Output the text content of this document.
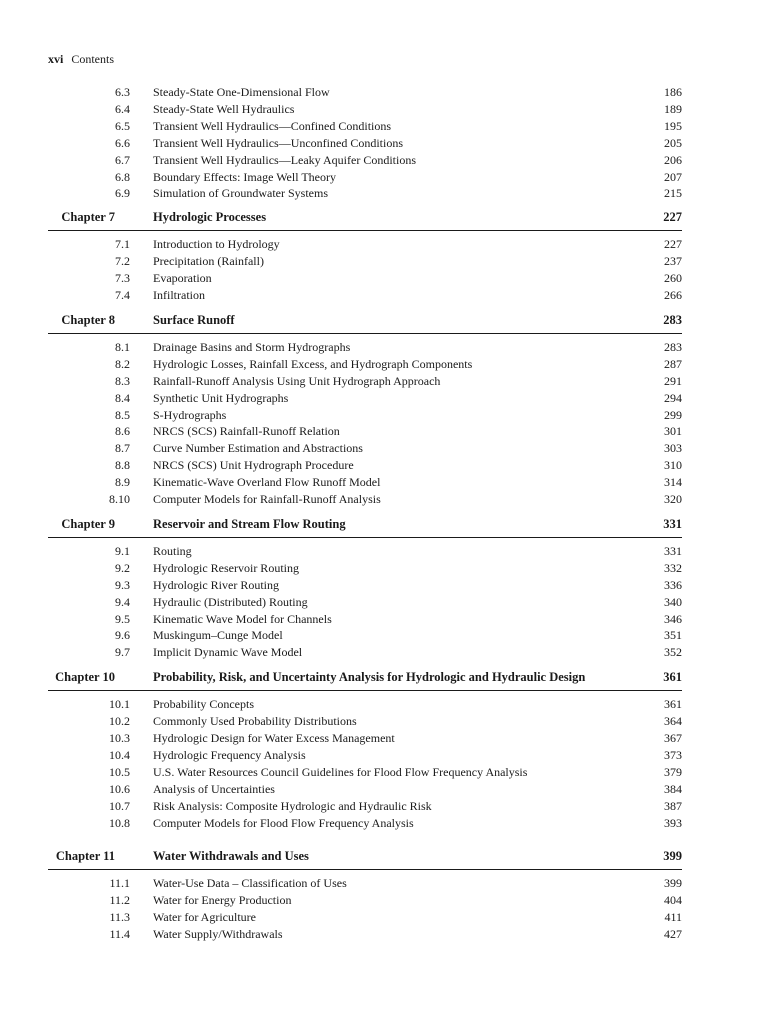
xvi Contents
6.3 Steady-State One-Dimensional Flow	186
6.4 Steady-State Well Hydraulics	189
6.5 Transient Well Hydraulics—Confined Conditions	195
6.6 Transient Well Hydraulics—Unconfined Conditions	205
6.7 Transient Well Hydraulics—Leaky Aquifer Conditions	206
6.8 Boundary Effects: Image Well Theory	207
6.9 Simulation of Groundwater Systems	215
Chapter 7	Hydrologic Processes	227
7.1 Introduction to Hydrology	227
7.2 Precipitation (Rainfall)	237
7.3 Evaporation	260
7.4 Infiltration	266
Chapter 8	Surface Runoff	283
8.1 Drainage Basins and Storm Hydrographs	283
8.2 Hydrologic Losses, Rainfall Excess, and Hydrograph Components	287
8.3 Rainfall-Runoff Analysis Using Unit Hydrograph Approach	291
8.4 Synthetic Unit Hydrographs	294
8.5 S-Hydrographs	299
8.6 NRCS (SCS) Rainfall-Runoff Relation	301
8.7 Curve Number Estimation and Abstractions	303
8.8 NRCS (SCS) Unit Hydrograph Procedure	310
8.9 Kinematic-Wave Overland Flow Runoff Model	314
8.10 Computer Models for Rainfall-Runoff Analysis	320
Chapter 9	Reservoir and Stream Flow Routing	331
9.1 Routing	331
9.2 Hydrologic Reservoir Routing	332
9.3 Hydrologic River Routing	336
9.4 Hydraulic (Distributed) Routing	340
9.5 Kinematic Wave Model for Channels	346
9.6 Muskingum–Cunge Model	351
9.7 Implicit Dynamic Wave Model	352
Chapter 10	Probability, Risk, and Uncertainty Analysis for Hydrologic and Hydraulic Design	361
10.1 Probability Concepts	361
10.2 Commonly Used Probability Distributions	364
10.3 Hydrologic Design for Water Excess Management	367
10.4 Hydrologic Frequency Analysis	373
10.5 U.S. Water Resources Council Guidelines for Flood Flow Frequency Analysis	379
10.6 Analysis of Uncertainties	384
10.7 Risk Analysis: Composite Hydrologic and Hydraulic Risk	387
10.8 Computer Models for Flood Flow Frequency Analysis	393
Chapter 11	Water Withdrawals and Uses	399
11.1 Water-Use Data – Classification of Uses	399
11.2 Water for Energy Production	404
11.3 Water for Agriculture	411
11.4 Water Supply/Withdrawals	427
